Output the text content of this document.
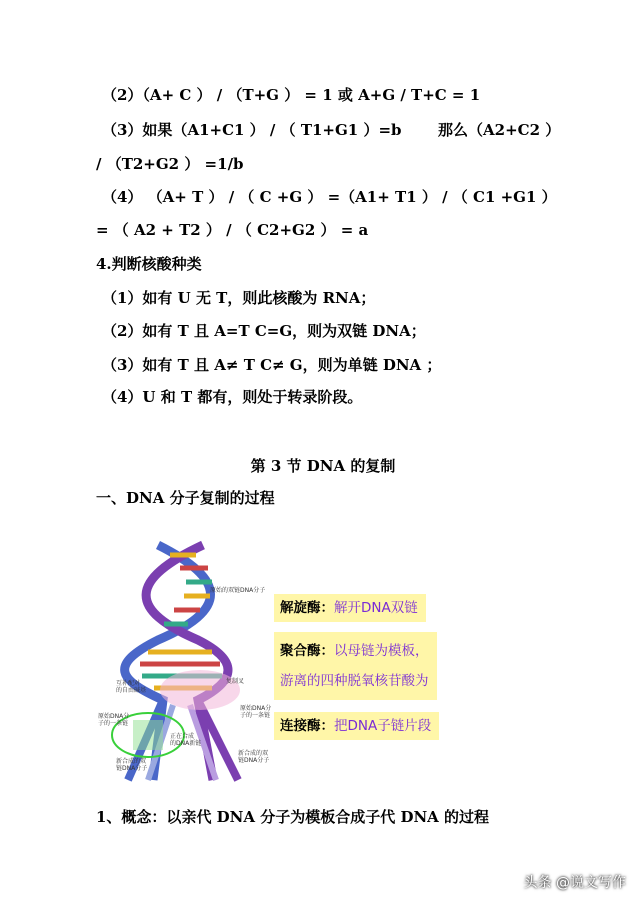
（2）（A+ C ） / （T+G ） = 1 或 A+G / T+C = 1
（3）如果（A1+C1 ） / （ T1+G1 ）=b 那么（A2+C2 ）
/ （T2+G2 ） =1/b
（4） （A+ T ） / （ C +G ） =（A1+ T1 ） / （ C1 +G1 ）
= （ A2 + T2 ） / （ C2+G2 ） = a
4.判断核酸种类
（1）如有 U 无 T，则此核酸为 RNA；
（2）如有 T 且 A=T C=G，则为双链 DNA；
（3）如有 T 且 A≠ T C≠ G，则为单链 DNA ；
（4）U 和 T 都有，则处于转录阶段。
第 3 节 DNA 的复制
一、DNA 分子复制的过程
原始的双链DNA分子
互补配对
的自由碱基
复制叉
原始DNA分
子的一条链
原始DNA分
子的一条链
正在合成
的DNA新链
新合成的双
链DNA分子
新合成的双
链DNA分子
解旋酶：解开DNA双链
聚合酶：以母链为模板，
游离的四种脱氧核苷酸为
连接酶：把DNA子链片段
1、概念：以亲代 DNA 分子为模板合成子代 DNA 的过程
头条 @说文写作
